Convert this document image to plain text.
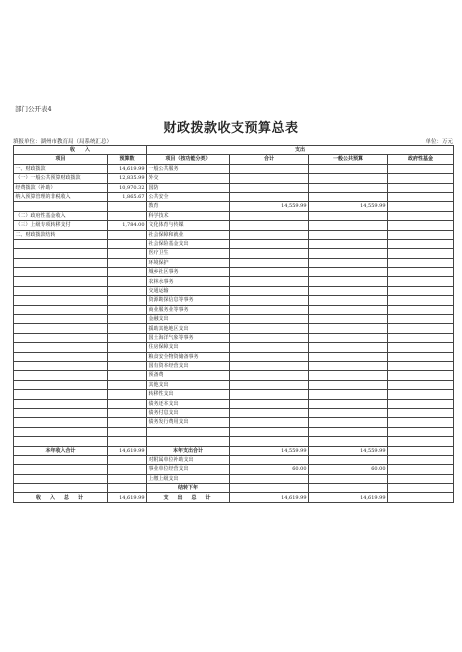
部门公开表4
财政拨款收支预算总表
填报单位：湖州市教育局（局系统汇总）	单位：万元
收　　入		支出			
项目	预算数	项目（按功能分类）	合计	一般公共预算	政府性基金
一、财政拨款	14,619.99	一般公共服务			
（一）一般公共预算财政拨款	12,835.99	外交			
经费拨款（补助）	10,970.32	国防			
纳入预算管理的非税收入	1,865.67	公共安全			
		教育	14,559.99	14,559.99	
（二）政府性基金收入		科学技术			
（三）上级专项转移支付	1,784.00	文化体育与传媒			
二、财政拨款结转		社会保障和就业			
		社会保险基金支出			
		医疗卫生			
		环境保护			
		城乡社区事务			
		农林水事务			
		交通运输			
		资源勘探信息等事务			
		商业服务业等事务			
		金融支出			
		援助其他地区支出			
		国土海洋气象等事务			
		住房保障支出			
		粮食安全物资储备事务			
		国有资本经营支出			
		预备费			
		其他支出			
		转移性支出			
		债务还本支出			
		债务付息支出			
		债务发行费用支出			

本年收入合计	14,619.99	本年支出合计	14,559.99	14,559.99	
		对附属单位补助支出			
		事业单位经营支出	60.00	60.00	
		上缴上级支出			
		结转下年			
收　入　总　计	14,619.99	支　出　总　计	14,619.99	14,619.99	
